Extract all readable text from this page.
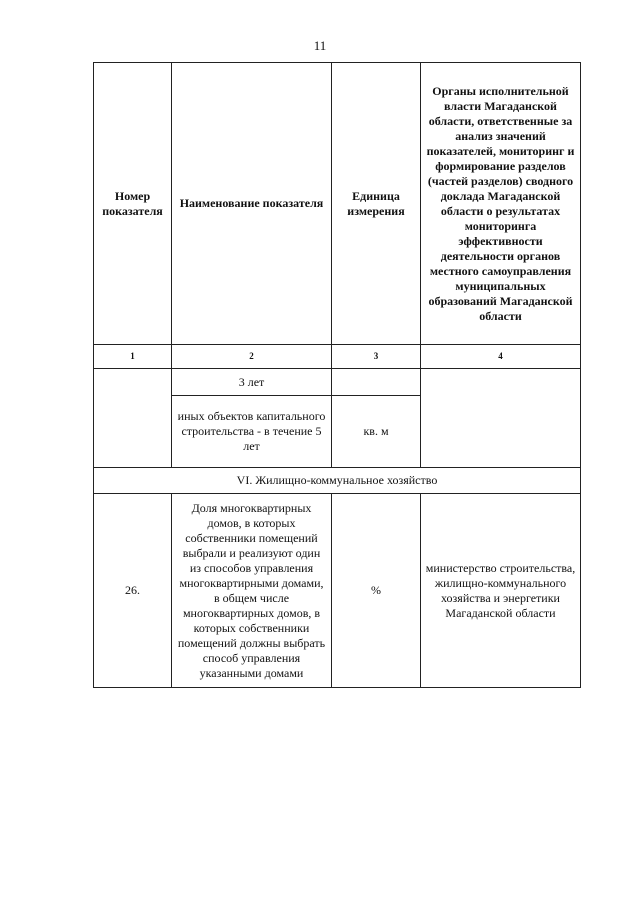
11
Номер показателя	Наименование показателя	Единица измерения	Органы исполнительной власти Магаданской области, ответственные за анализ значений показателей, мониторинг и формирование разделов (частей разделов) сводного доклада Магаданской области о результатах мониторинга эффективности деятельности органов местного самоуправления муниципальных образований Магаданской области

1	2	3	4
	3 лет		

	иных объектов капитального строительства - в течение 5 лет	кв. м	
VI. Жилищно-коммунальное хозяйство			
26.	Доля многоквартирных домов, в которых собственники помещений выбрали и реализуют один из способов управления многоквартирными домами, в общем числе многоквартирных домов, в которых собственники помещений должны выбрать способ управления указанными домами	%	министерство строительства, жилищно-коммунального хозяйства и энергетики Магаданской области
